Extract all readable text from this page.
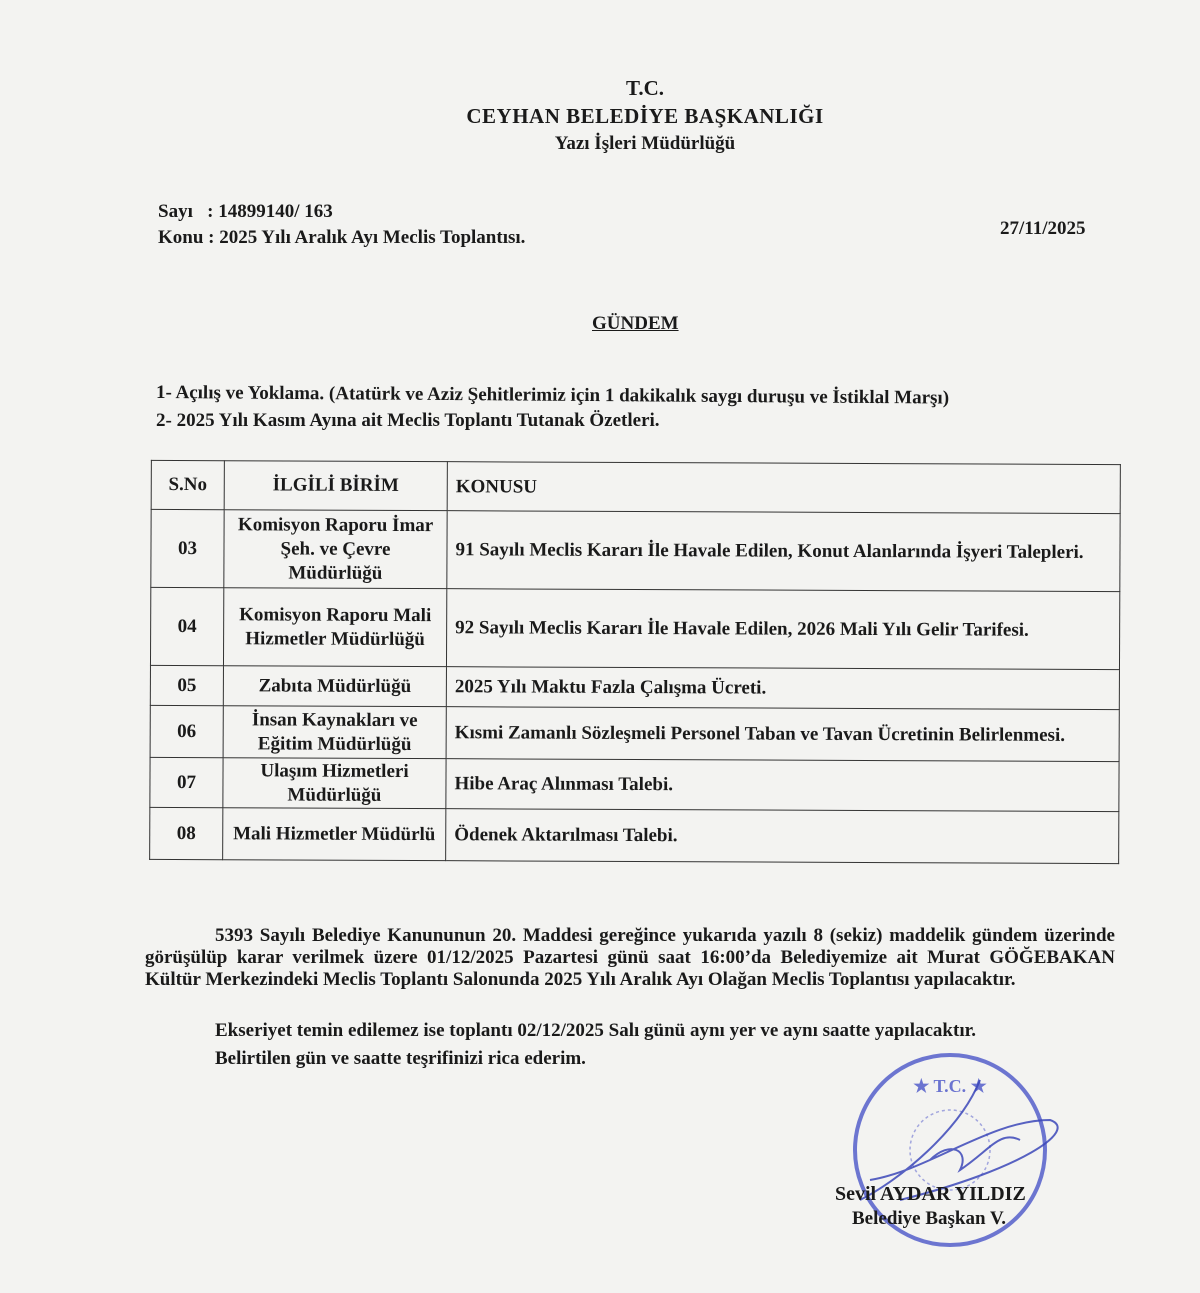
T.C.
CEYHAN BELEDİYE BAŞKANLIĞI
Yazı İşleri Müdürlüğü
Sayı   : 14899140/ 163
Konu : 2025 Yılı Aralık Ayı Meclis Toplantısı.	27/11/2025
GÜNDEM
1- Açılış ve Yoklama. (Atatürk ve Aziz Şehitlerimiz için 1 dakikalık saygı duruşu ve İstiklal Marşı)
2- 2025 Yılı Kasım Ayına ait Meclis Toplantı Tutanak Özetleri.
S.No	İLGİLİ BİRİM	KONUSU
03	Komisyon Raporu İmar Şeh. ve Çevre Müdürlüğü	91 Sayılı Meclis Kararı İle Havale Edilen, Konut Alanlarında İşyeri Talepleri.
04	Komisyon Raporu Mali Hizmetler Müdürlüğü	92 Sayılı Meclis Kararı İle Havale Edilen, 2026 Mali Yılı Gelir Tarifesi.
05	Zabıta Müdürlüğü	2025 Yılı Maktu Fazla Çalışma Ücreti.
06	İnsan Kaynakları ve Eğitim Müdürlüğü	Kısmi Zamanlı Sözleşmeli Personel Taban ve Tavan Ücretinin Belirlenmesi.
07	Ulaşım Hizmetleri Müdürlüğü	Hibe Araç Alınması Talebi.
08	Mali Hizmetler Müdürlü	Ödenek Aktarılması Talebi.
5393 Sayılı Belediye Kanununun 20. Maddesi gereğince yukarıda yazılı 8 (sekiz) maddelik gündem üzerinde görüşülüp karar verilmek üzere 01/12/2025 Pazartesi günü saat 16:00’da Belediyemize ait Murat GÖĞEBAKAN Kültür Merkezindeki Meclis Toplantı Salonunda 2025 Yılı Aralık Ayı Olağan Meclis Toplantısı yapılacaktır.
Ekseriyet temin edilemez ise toplantı 02/12/2025 Salı günü aynı yer ve aynı saatte yapılacaktır.
Belirtilen gün ve saatte teşrifinizi rica ederim.
★ T.C. ★
Sevil AYDAR YILDIZ
Belediye Başkan V.
